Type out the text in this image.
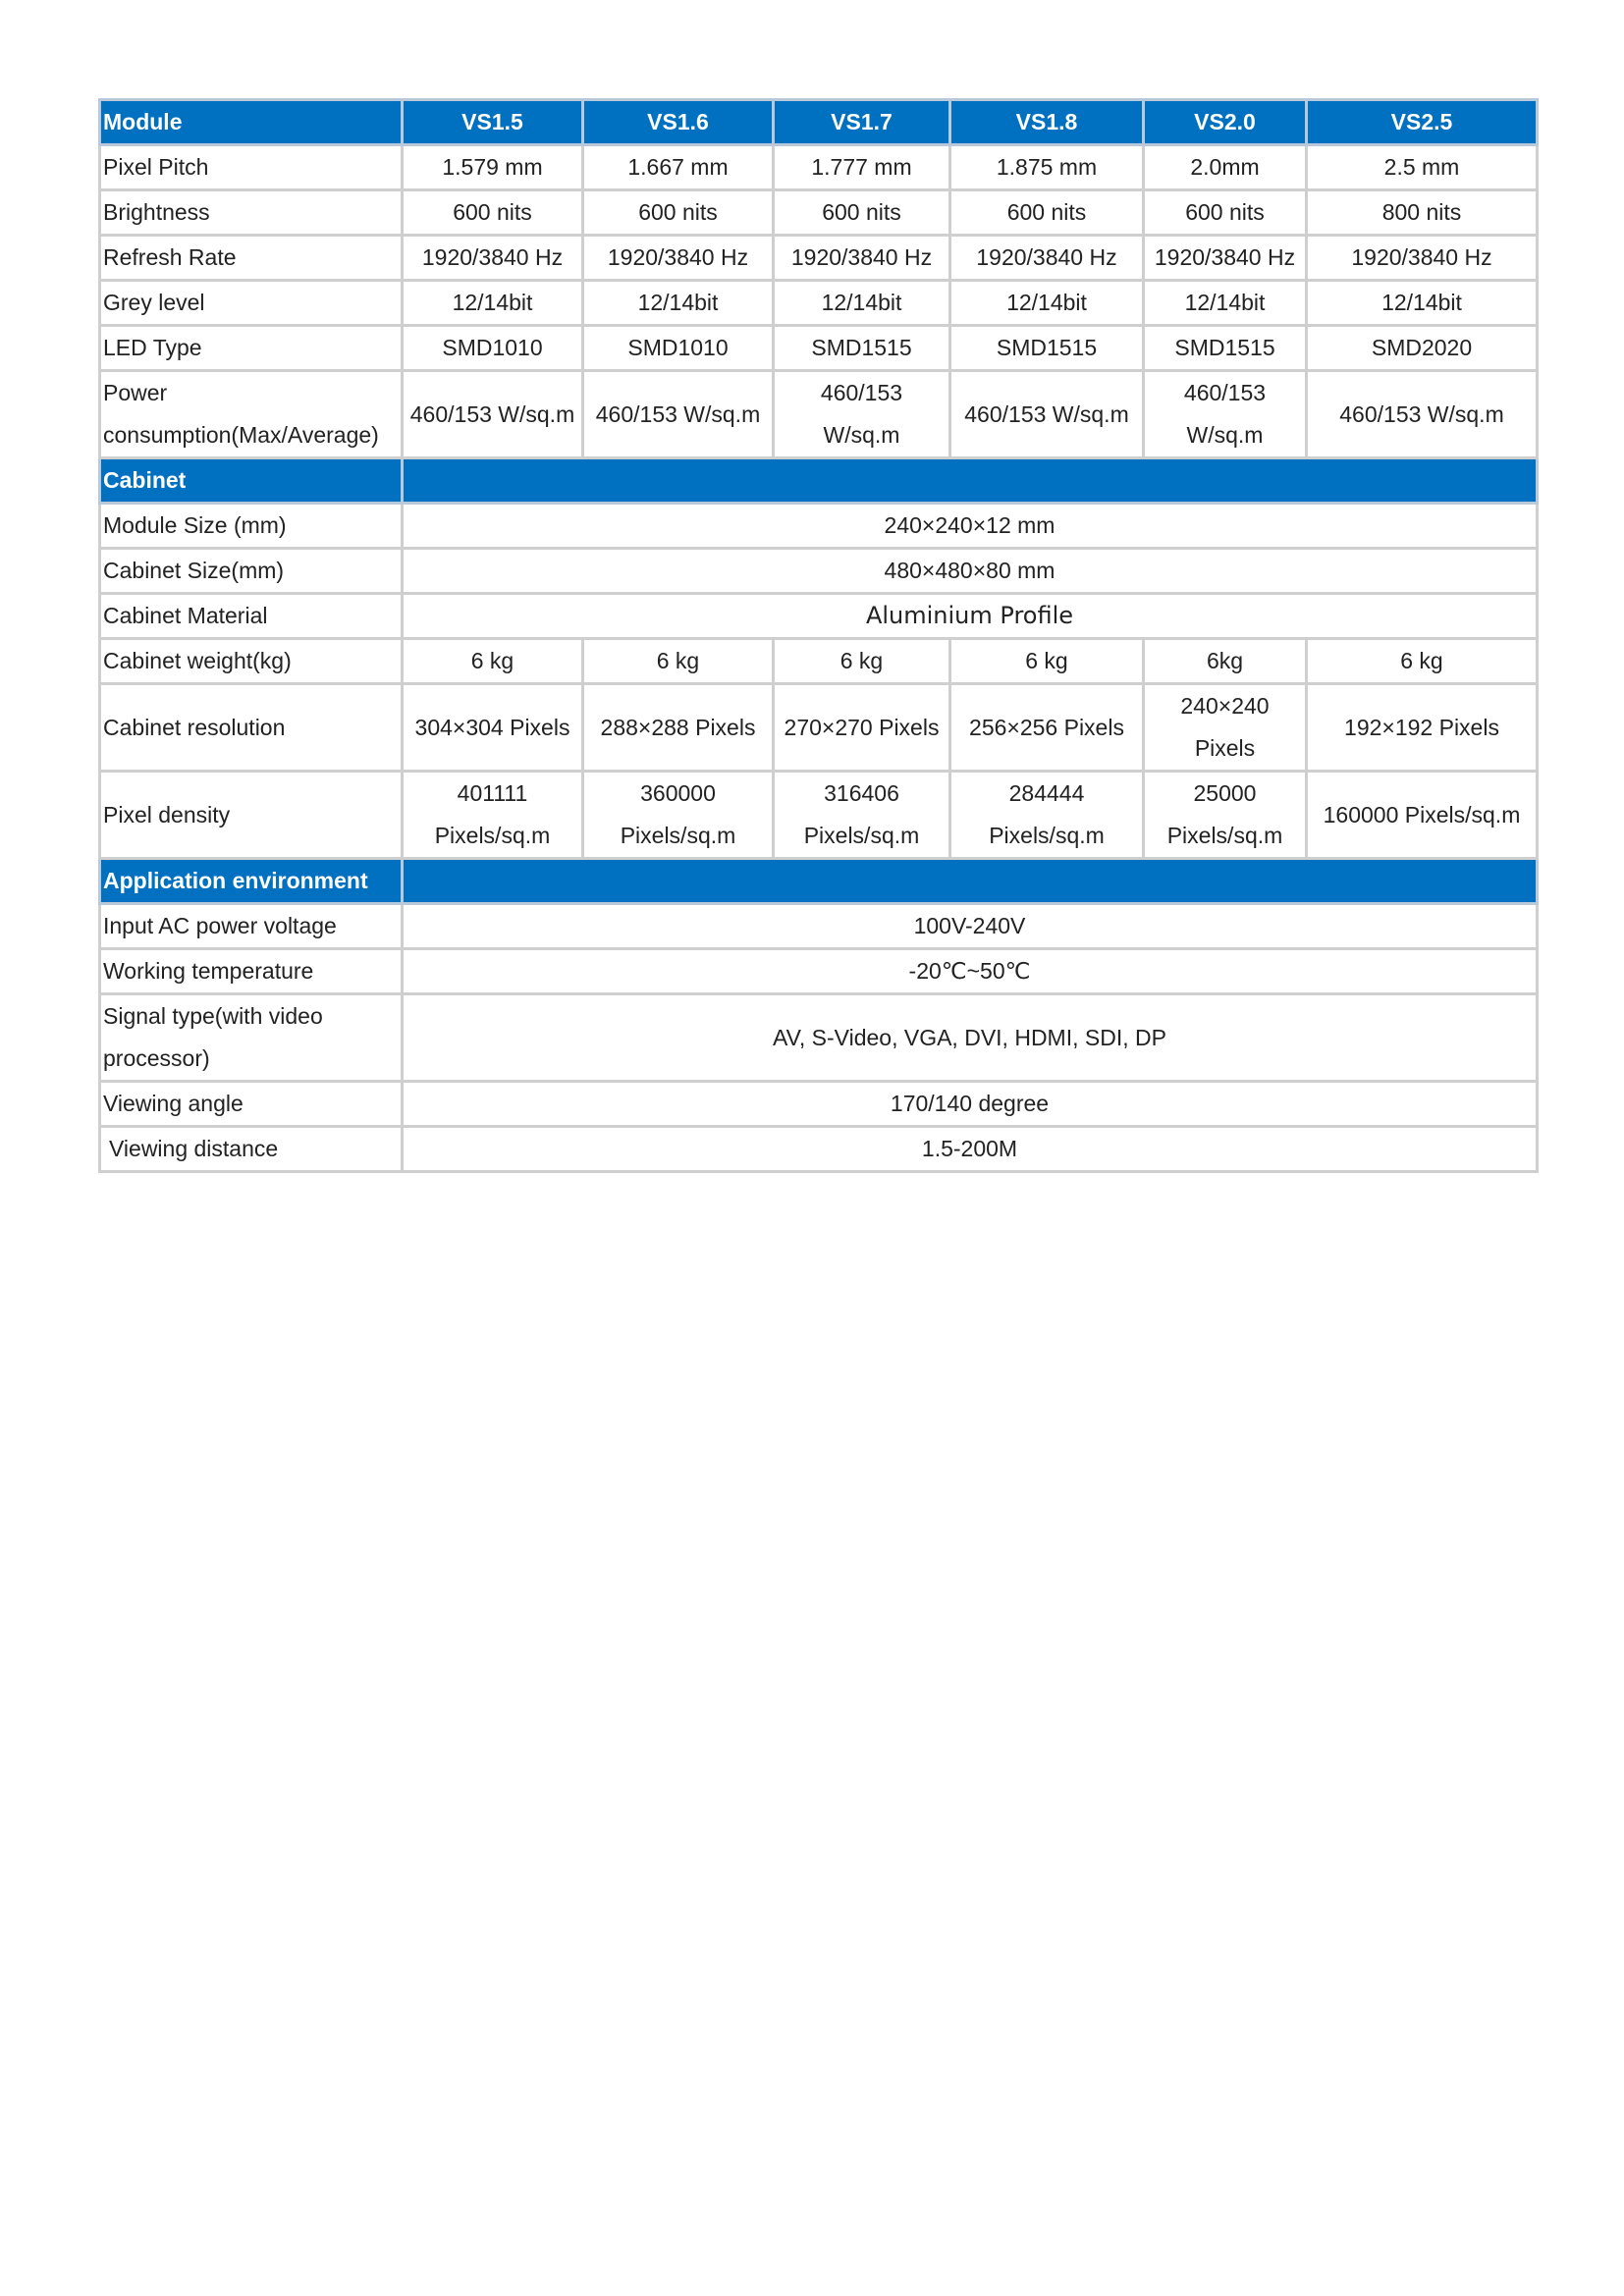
Module	VS1.5	VS1.6	VS1.7	VS1.8	VS2.0	VS2.5
Pixel Pitch	1.579 mm	1.667 mm	1.777 mm	1.875 mm	2.0mm	2.5 mm
Brightness	600 nits	600 nits	600 nits	600 nits	600 nits	800 nits
Refresh Rate	1920/3840 Hz	1920/3840 Hz	1920/3840 Hz	1920/3840 Hz	1920/3840 Hz	1920/3840 Hz
Grey level	12/14bit	12/14bit	12/14bit	12/14bit	12/14bit	12/14bit
LED Type	SMD1010	SMD1010	SMD1515	SMD1515	SMD1515	SMD2020
Power consumption(Max/Average)	460/153 W/sq.m	460/153 W/sq.m	460/153 W/sq.m	460/153 W/sq.m	460/153 W/sq.m	460/153 W/sq.m
Cabinet						
Module Size (mm)	240×240×12 mm					
Cabinet Size(mm)	480×480×80 mm					
Cabinet Material	Aluminium Profile					
Cabinet weight(kg)	6 kg	6 kg	6 kg	6 kg	6kg	6 kg
Cabinet resolution	304×304 Pixels	288×288 Pixels	270×270 Pixels	256×256 Pixels	240×240 Pixels	192×192 Pixels
Pixel density	401111 Pixels/sq.m	360000 Pixels/sq.m	316406 Pixels/sq.m	284444 Pixels/sq.m	25000 Pixels/sq.m	160000 Pixels/sq.m
Application environment						
Input AC power voltage	100V-240V					
Working temperature	-20℃~50℃					
Signal type(with video processor)	AV, S-Video, VGA, DVI, HDMI, SDI, DP					
Viewing angle	170/140 degree					
Viewing distance	1.5-200M					
